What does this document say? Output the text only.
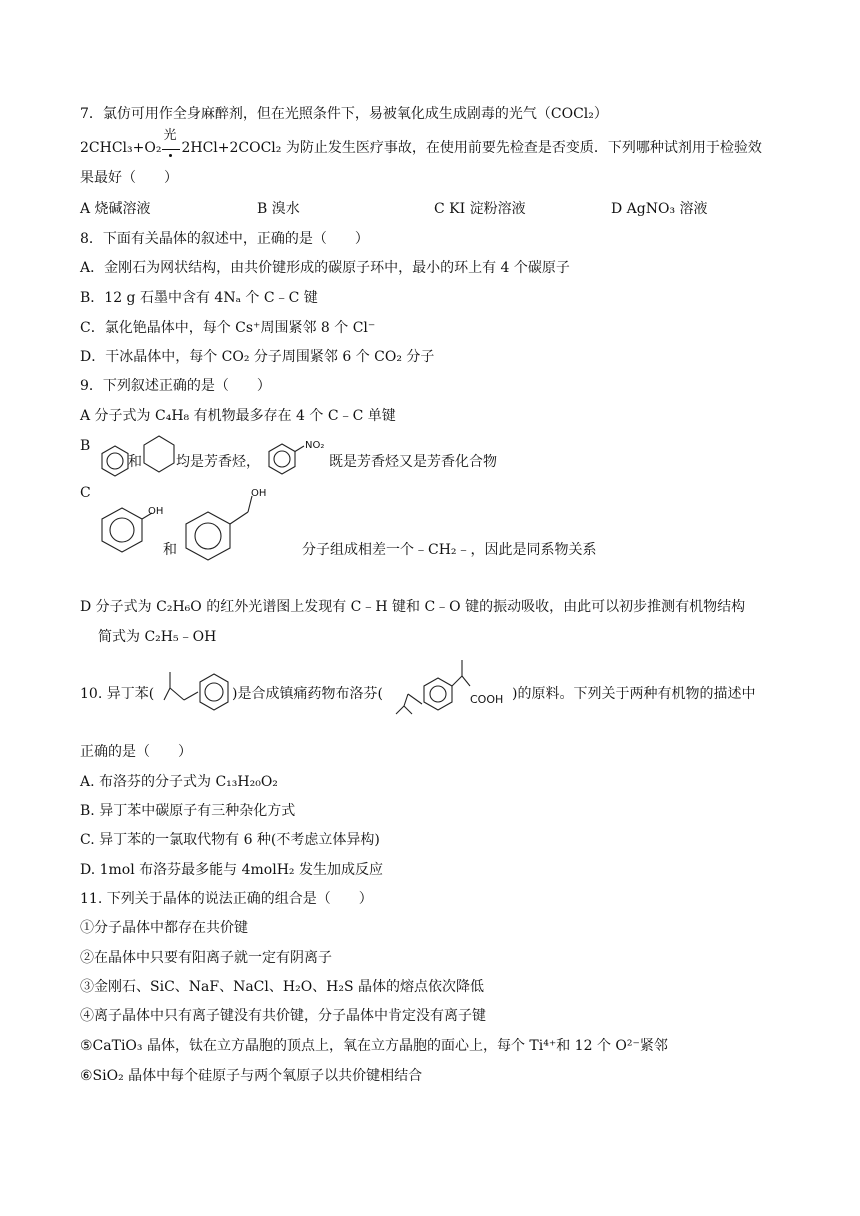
7．氯仿可用作全身麻醉剂，但在光照条件下，易被氧化成生成剧毒的光气（COCl₂）
2CHCl₃+O₂
光
2HCl+2COCl₂ 为防止发生医疗事故，在使用前要先检查是否变质．下列哪种试剂用于检验效
果最好（　　）
A 烧碱溶液	B 溴水	C KI 淀粉溶液	D AgNO₃ 溶液
8．下面有关晶体的叙述中，正确的是（　　）
A．金刚石为网状结构，由共价键形成的碳原子环中，最小的环上有 4 个碳原子
B．12 g 石墨中含有 4Nₐ 个 C﹣C 键
C．氯化铯晶体中，每个 Cs⁺周围紧邻 8 个 Cl⁻
D．干冰晶体中，每个 CO₂ 分子周围紧邻 6 个 CO₂ 分子
9．下列叙述正确的是（　　）
A 分子式为 C₄H₈ 有机物最多存在 4 个 C﹣C 单键
B
和 均是芳香烃，
NO₂
既是芳香烃又是芳香化合物
C
OH
和
OH
分子组成相差一个﹣CH₂﹣，因此是同系物关系
D 分子式为 C₂H₆O 的红外光谱图上发现有 C﹣H 键和 C﹣O 键的振动吸收，由此可以初步推测有机物结构
简式为 C₂H₅﹣OH
10. 异丁苯(	)是合成镇痛药物布洛芬(	COOH )的原料。下列关于两种有机物的描述中
正确的是（　　）
A. 布洛芬的分子式为 C₁₃H₂₀O₂
B. 异丁苯中碳原子有三种杂化方式
C. 异丁苯的一氯取代物有 6 种(不考虑立体异构)
D. 1mol 布洛芬最多能与 4molH₂ 发生加成反应
11. 下列关于晶体的说法正确的组合是（　　）
①分子晶体中都存在共价键
②在晶体中只要有阳离子就一定有阴离子
③金刚石、SiC、NaF、NaCl、H₂O、H₂S 晶体的熔点依次降低
④离子晶体中只有离子键没有共价键，分子晶体中肯定没有离子键
⑤CaTiO₃ 晶体，钛在立方晶胞的顶点上，氧在立方晶胞的面心上，每个 Ti⁴⁺和 12 个 O²⁻紧邻
⑥SiO₂ 晶体中每个硅原子与两个氧原子以共价键相结合
